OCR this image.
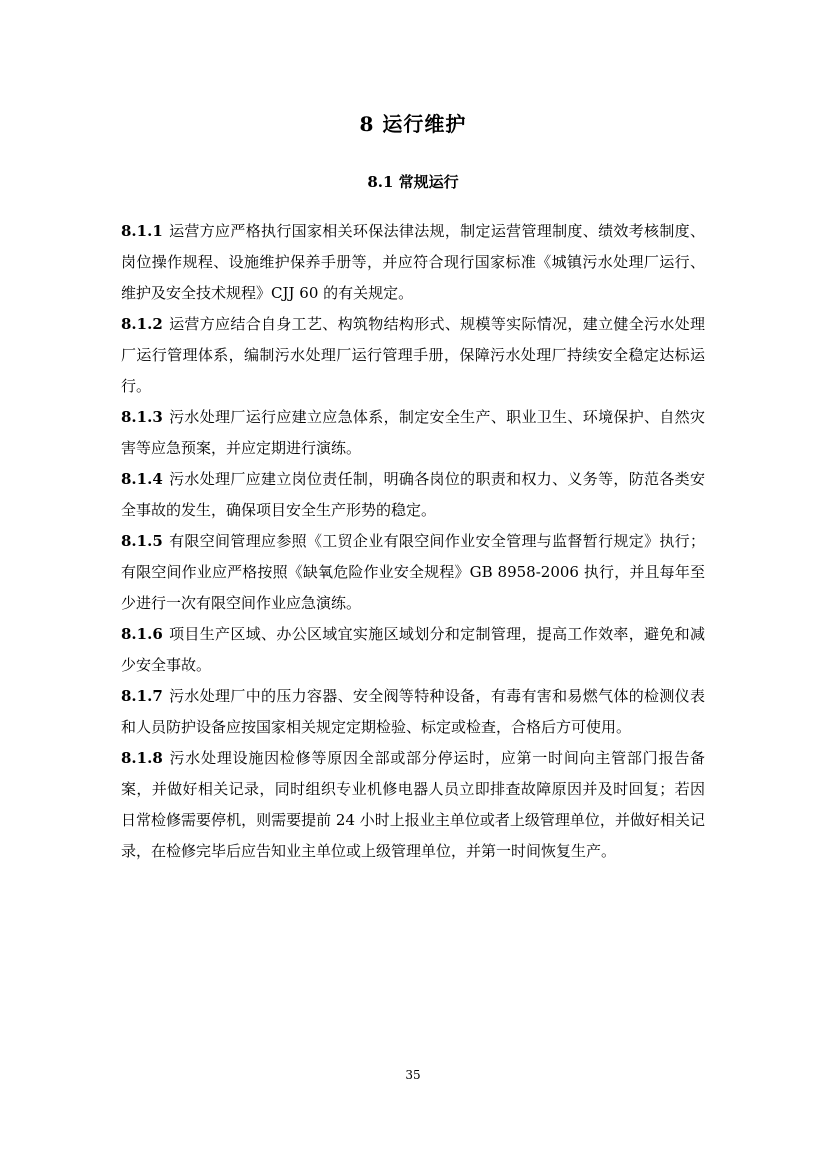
8 运行维护
8.1 常规运行

8.1.1 运营方应严格执行国家相关环保法律法规，制定运营管理制度、绩效考核制度、岗位操作规程、设施维护保养手册等，并应符合现行国家标准《城镇污水处理厂运行、维护及安全技术规程》CJJ 60 的有关规定。

8.1.2 运营方应结合自身工艺、构筑物结构形式、规模等实际情况，建立健全污水处理厂运行管理体系，编制污水处理厂运行管理手册，保障污水处理厂持续安全稳定达标运行。

8.1.3 污水处理厂运行应建立应急体系，制定安全生产、职业卫生、环境保护、自然灾害等应急预案，并应定期进行演练。

8.1.4 污水处理厂应建立岗位责任制，明确各岗位的职责和权力、义务等，防范各类安全事故的发生，确保项目安全生产形势的稳定。

8.1.5 有限空间管理应参照《工贸企业有限空间作业安全管理与监督暂行规定》执行；有限空间作业应严格按照《缺氧危险作业安全规程》GB 8958-2006 执行，并且每年至少进行一次有限空间作业应急演练。

8.1.6 项目生产区域、办公区域宜实施区域划分和定制管理，提高工作效率，避免和减少安全事故。

8.1.7 污水处理厂中的压力容器、安全阀等特种设备，有毒有害和易燃气体的检测仪表和人员防护设备应按国家相关规定定期检验、标定或检查，合格后方可使用。

8.1.8 污水处理设施因检修等原因全部或部分停运时，应第一时间向主管部门报告备案，并做好相关记录，同时组织专业机修电器人员立即排查故障原因并及时回复；若因日常检修需要停机，则需要提前 24 小时上报业主单位或者上级管理单位，并做好相关记录，在检修完毕后应告知业主单位或上级管理单位，并第一时间恢复生产。

35
